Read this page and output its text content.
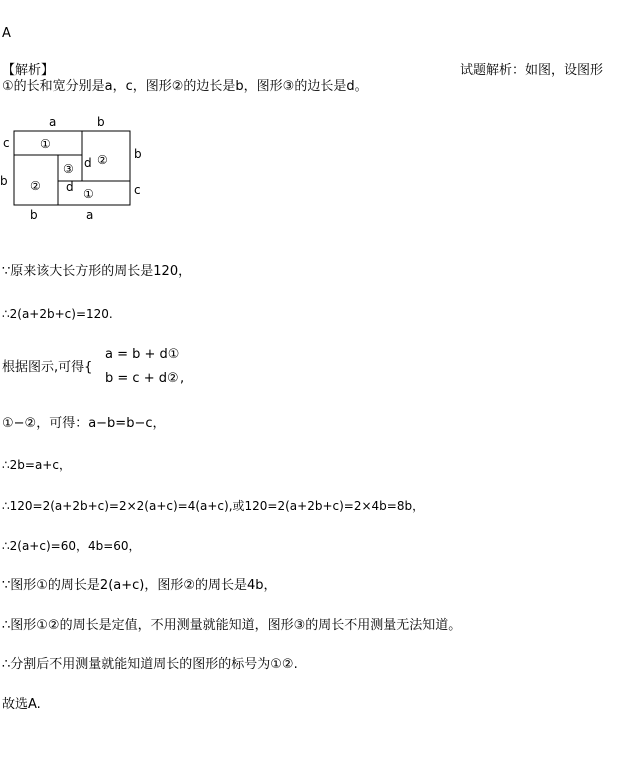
A
【解析】	试题解析：如图，设图形
①的长和宽分别是a，c，图形②的边长是b，图形③的边长是d。
a	b
c
b
b
c
b	a
d
d
①
②
③
②
①
∵原来该大长方形的周长是120，
∴2(a+2b+c)=120.
根据图示,可得{
a = b + d①
b = c + d② ,
①−②，可得：a−b=b−c，
∴2b=a+c，
∴120=2(a+2b+c)=2×2(a+c)=4(a+c),或120=2(a+2b+c)=2×4b=8b，
∴2(a+c)=60，4b=60，
∵图形①的周长是2(a+c)，图形②的周长是4b，
∴图形①②的周长是定值，不用测量就能知道，图形③的周长不用测量无法知道。
∴分割后不用测量就能知道周长的图形的标号为①②.
故选A.
